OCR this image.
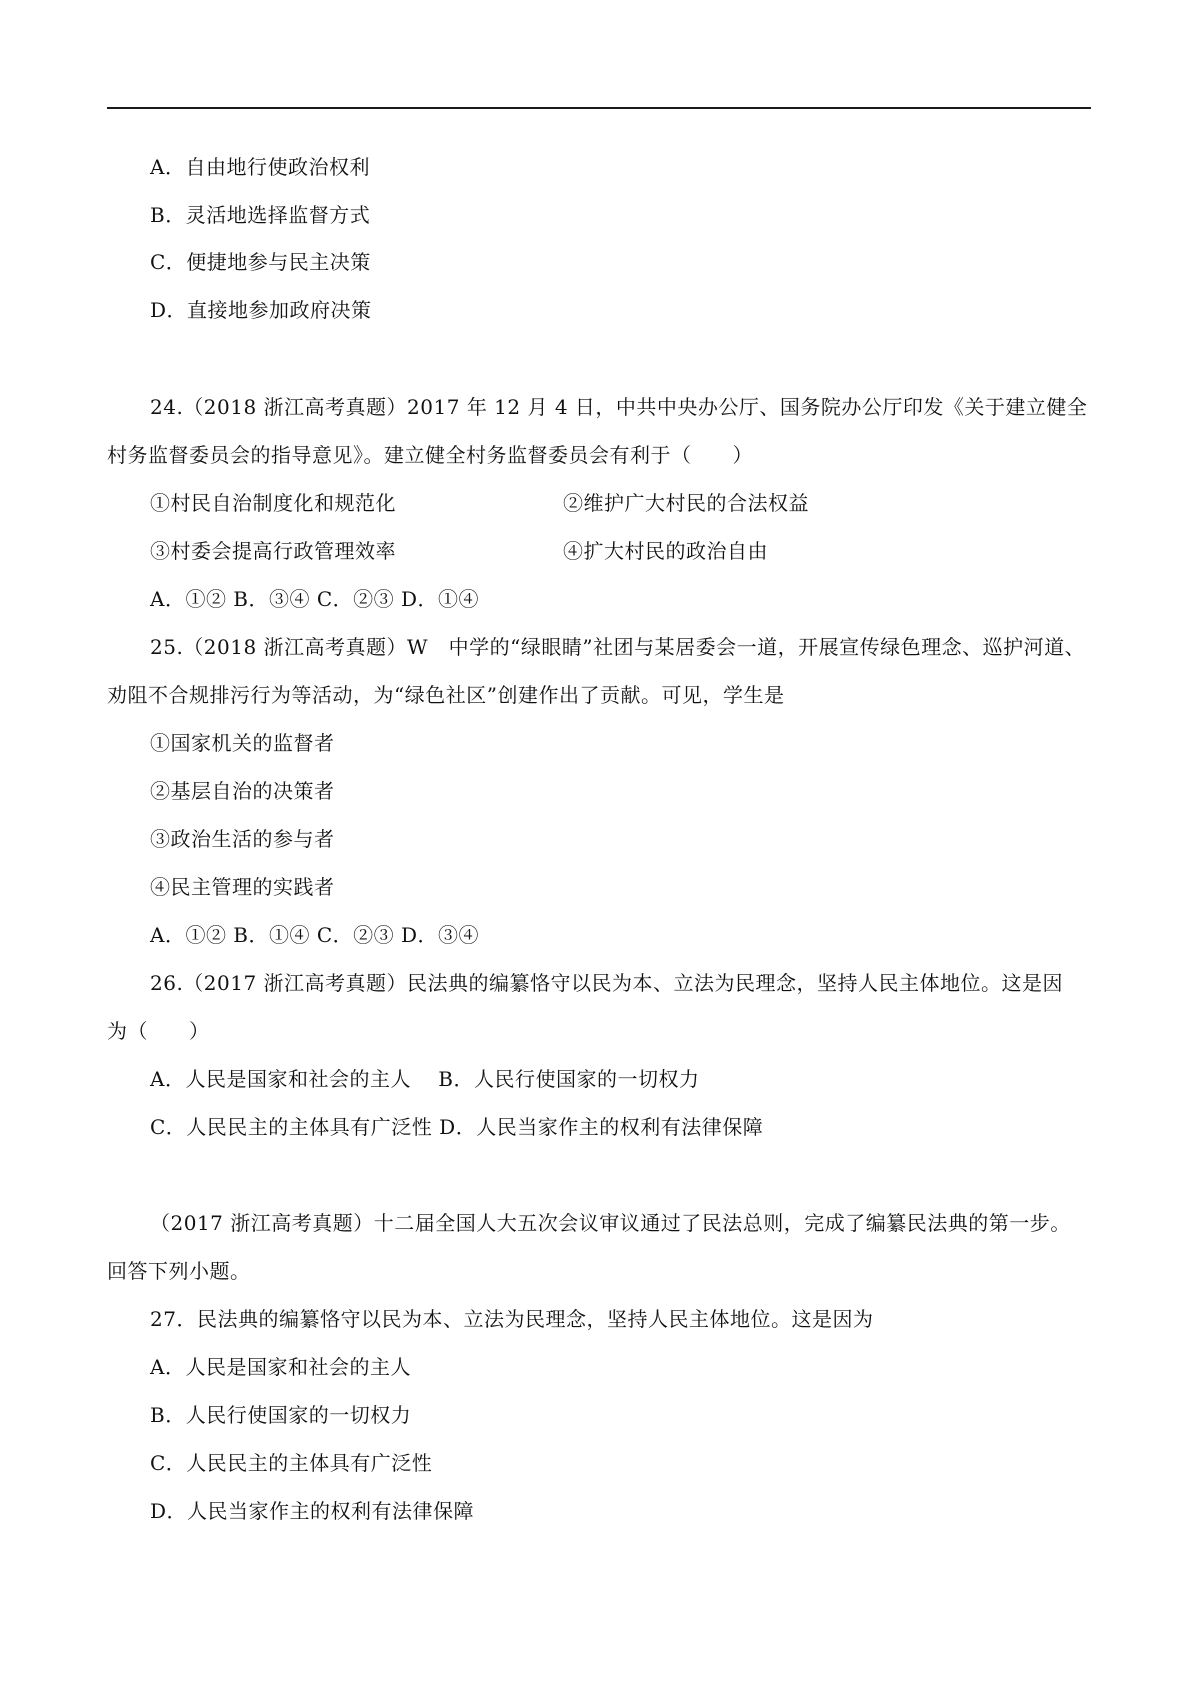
A．自由地行使政治权利
B．灵活地选择监督方式
C．便捷地参与民主决策
D．直接地参加政府决策
24.（2018 浙江高考真题）2017 年 12 月 4 日，中共中央办公厅、国务院办公厅印发《关于建立健全
村务监督委员会的指导意见》。建立健全村务监督委员会有利于（　　）
①村民自治制度化和规范化	②维护广大村民的合法权益
③村委会提高行政管理效率	④扩大村民的政治自由
A．①② B．③④ C．②③ D．①④
25.（2018 浙江高考真题）W　中学的“绿眼睛”社团与某居委会一道，开展宣传绿色理念、巡护河道、
劝阻不合规排污行为等活动，为“绿色社区”创建作出了贡献。可见，学生是
①国家机关的监督者
②基层自治的决策者
③政治生活的参与者
④民主管理的实践者
A．①② B．①④ C．②③ D．③④
26.（2017 浙江高考真题）民法典的编纂恪守以民为本、立法为民理念，坚持人民主体地位。这是因
为（　　）
A．人民是国家和社会的主人　 B．人民行使国家的一切权力
C．人民民主的主体具有广泛性 D．人民当家作主的权利有法律保障
（2017 浙江高考真题）十二届全国人大五次会议审议通过了民法总则，完成了编纂民法典的第一步。
回答下列小题。
27．民法典的编纂恪守以民为本、立法为民理念，坚持人民主体地位。这是因为
A．人民是国家和社会的主人
B．人民行使国家的一切权力
C．人民民主的主体具有广泛性
D．人民当家作主的权利有法律保障
